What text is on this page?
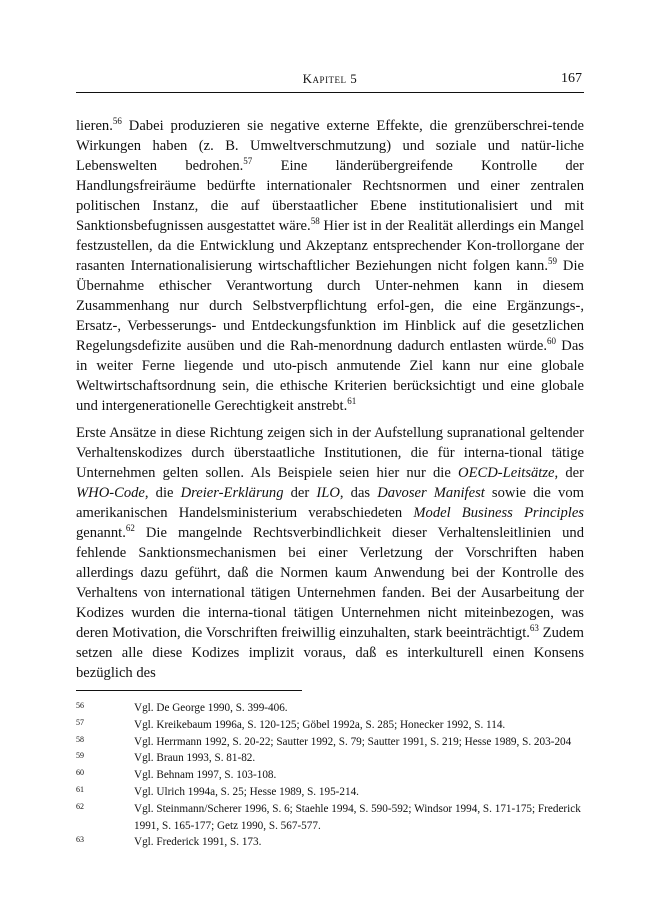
Kapitel 5	167

lieren.$^{56}$ Dabei produzieren sie negative externe Effekte, die grenzüberschrei-tende Wirkungen haben (z. B. Umweltverschmutzung) und soziale und natür-liche Lebenswelten bedrohen.$^{57}$ Eine länderübergreifende Kontrolle der Handlungsfreiräume bedürfte internationaler Rechtsnormen und einer zentralen politischen Instanz, die auf überstaatlicher Ebene institutionalisiert und mit Sanktionsbefugnissen ausgestattet wäre.$^{58}$ Hier ist in der Realität allerdings ein Mangel festzustellen, da die Entwicklung und Akzeptanz entsprechender Kon-trollorgane der rasanten Internationalisierung wirtschaftlicher Beziehungen nicht folgen kann.$^{59}$ Die Übernahme ethischer Verantwortung durch Unter-nehmen kann in diesem Zusammenhang nur durch Selbstverpflichtung erfol-gen, die eine Ergänzungs-, Ersatz-, Verbesserungs- und Entdeckungsfunktion im Hinblick auf die gesetzlichen Regelungsdefizite ausüben und die Rah-menordnung dadurch entlasten würde.$^{60}$ Das in weiter Ferne liegende und uto-pisch anmutende Ziel kann nur eine globale Weltwirtschaftsordnung sein, die ethische Kriterien berücksichtigt und eine globale und intergenerationelle Gerechtigkeit anstrebt.$^{61}$

Erste Ansätze in diese Richtung zeigen sich in der Aufstellung supranational geltender Verhaltenskodizes durch überstaatliche Institutionen, die für interna-tional tätige Unternehmen gelten sollen. Als Beispiele seien hier nur die OECD-Leitsätze, der WHO-Code, die Dreier-Erklärung der ILO, das Davoser Manifest sowie die vom amerikanischen Handelsministerium verabschiedeten Model Business Principles genannt.$^{62}$ Die mangelnde Rechtsverbindlichkeit dieser Verhaltensleitlinien und fehlende Sanktionsmechanismen bei einer Verletzung der Vorschriften haben allerdings dazu geführt, daß die Normen kaum Anwendung bei der Kontrolle des Verhaltens von international tätigen Unternehmen fanden. Bei der Ausarbeitung der Kodizes wurden die interna-tional tätigen Unternehmen nicht miteinbezogen, was deren Motivation, die Vorschriften freiwillig einzuhalten, stark beeinträchtigt.$^{63}$ Zudem setzen alle diese Kodizes implizit voraus, daß es interkulturell einen Konsens bezüglich des

56	Vgl. De George 1990, S. 399-406.
57	Vgl. Kreikebaum 1996a, S. 120-125; Göbel 1992a, S. 285; Honecker 1992, S. 114.
58	Vgl. Herrmann 1992, S. 20-22; Sautter 1992, S. 79; Sautter 1991, S. 219; Hesse 1989, S. 203-204
59	Vgl. Braun 1993, S. 81-82.
60	Vgl. Behnam 1997, S. 103-108.
61	Vgl. Ulrich 1994a, S. 25; Hesse 1989, S. 195-214.
62	Vgl. Steinmann/Scherer 1996, S. 6; Staehle 1994, S. 590-592; Windsor 1994, S. 171-175; Frederick 1991, S. 165-177; Getz 1990, S. 567-577.
63	Vgl. Frederick 1991, S. 173.
